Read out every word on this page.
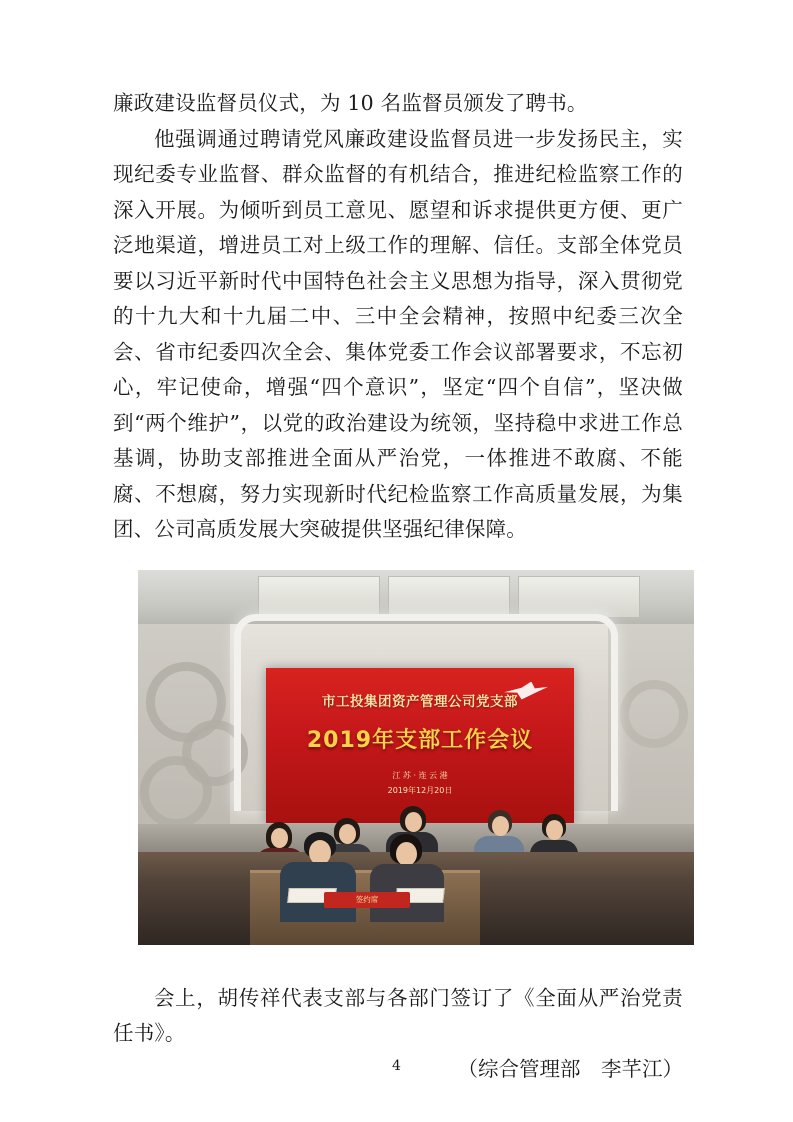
廉政建设监督员仪式，为 10 名监督员颁发了聘书。

他强调通过聘请党风廉政建设监督员进一步发扬民主，实现纪委专业监督、群众监督的有机结合，推进纪检监察工作的深入开展。为倾听到员工意见、愿望和诉求提供更方便、更广泛地渠道，增进员工对上级工作的理解、信任。支部全体党员要以习近平新时代中国特色社会主义思想为指导，深入贯彻党的十九大和十九届二中、三中全会精神，按照中纪委三次全会、省市纪委四次全会、集体党委工作会议部署要求，不忘初心，牢记使命，增强“四个意识”，坚定“四个自信”，坚决做到“两个维护”，以党的政治建设为统领，坚持稳中求进工作总基调，协助支部推进全面从严治党，一体推进不敢腐、不能腐、不想腐，努力实现新时代纪检监察工作高质量发展，为集团、公司高质发展大突破提供坚强纪律保障。

市工投集团资产管理公司党支部
2019年支部工作会议
江 苏 · 连 云 港
2019年12月20日
签约席

会上，胡传祥代表支部与各部门签订了《全面从严治党责任书》。

（综合管理部　李芊江）

4
